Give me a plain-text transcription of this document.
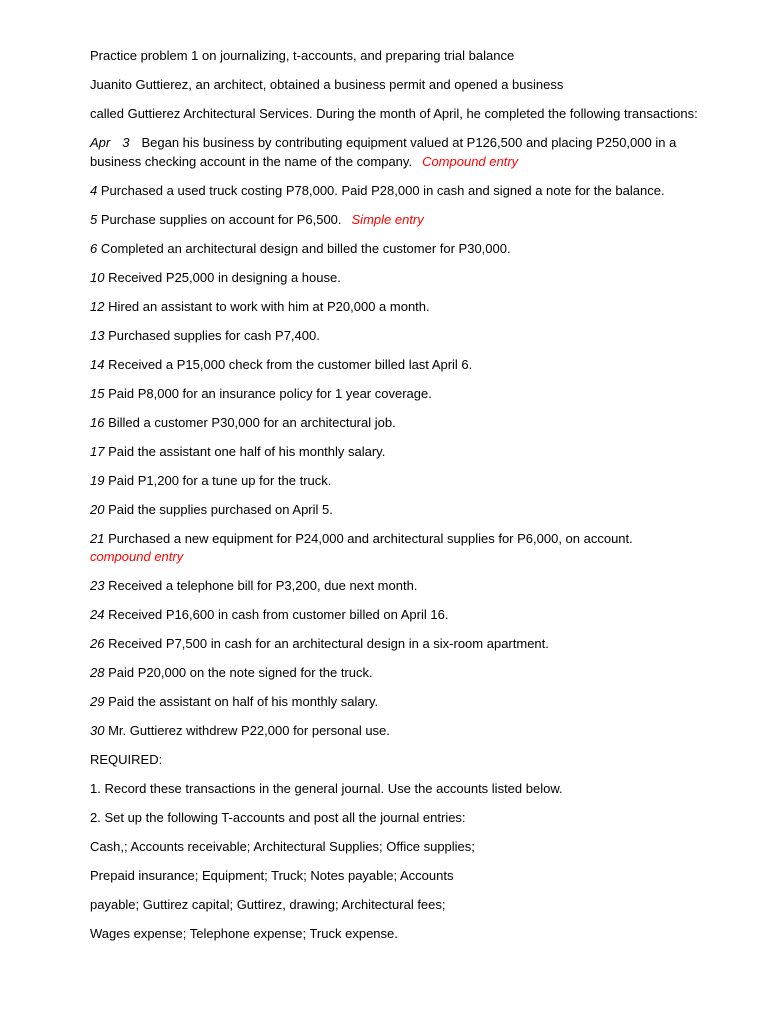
Practice problem 1 on journalizing, t-accounts, and preparing trial balance

Juanito Guttierez, an architect, obtained a business permit and opened a business

called Guttierez Architectural Services. During the month of April, he completed the following transactions:

Apr 3 Began his business by contributing equipment valued at P126,500 and placing P250,000 in a business checking account in the name of the company. Compound entry

4 Purchased a used truck costing P78,000. Paid P28,000 in cash and signed a note for the balance.

5 Purchase supplies on account for P6,500. Simple entry

6 Completed an architectural design and billed the customer for P30,000.

10 Received P25,000 in designing a house.

12 Hired an assistant to work with him at P20,000 a month.

13 Purchased supplies for cash P7,400.

14 Received a P15,000 check from the customer billed last April 6.

15 Paid P8,000 for an insurance policy for 1 year coverage.

16 Billed a customer P30,000 for an architectural job.

17 Paid the assistant one half of his monthly salary.

19 Paid P1,200 for a tune up for the truck.

20 Paid the supplies purchased on April 5.

21 Purchased a new equipment for P24,000 and architectural supplies for P6,000, on account.
compound entry

23 Received a telephone bill for P3,200, due next month.

24 Received P16,600 in cash from customer billed on April 16.

26 Received P7,500 in cash for an architectural design in a six-room apartment.

28 Paid P20,000 on the note signed for the truck.

29 Paid the assistant on half of his monthly salary.

30 Mr. Guttierez withdrew P22,000 for personal use.

REQUIRED:

1. Record these transactions in the general journal. Use the accounts listed below.

2. Set up the following T-accounts and post all the journal entries:

Cash,; Accounts receivable; Architectural Supplies; Office supplies;

Prepaid insurance; Equipment; Truck; Notes payable; Accounts

payable; Guttirez capital; Guttirez, drawing; Architectural fees;

Wages expense; Telephone expense; Truck expense.
